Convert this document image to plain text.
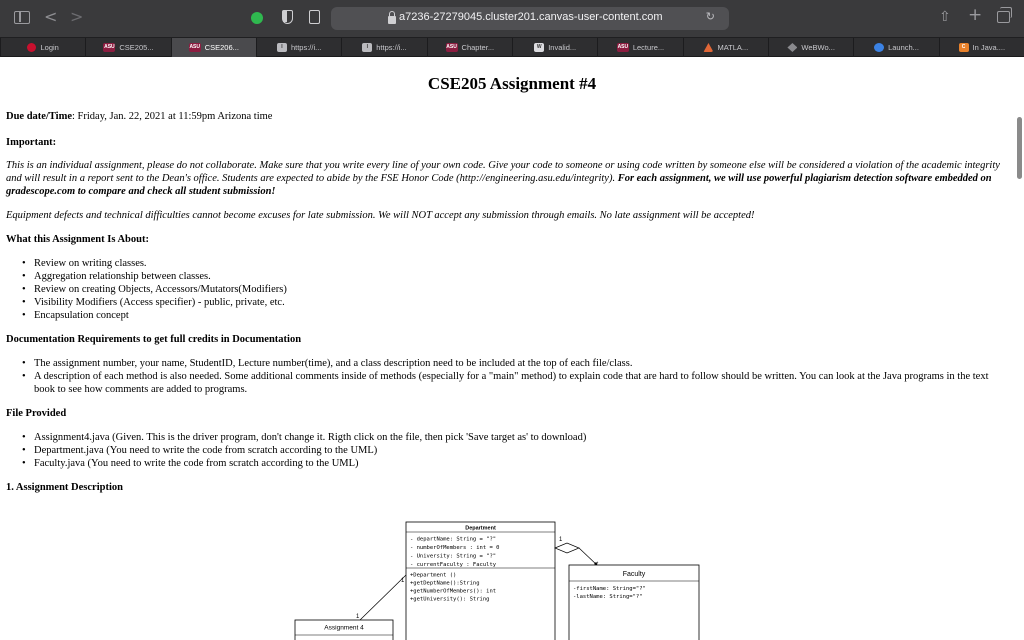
< >	a7236-27279045.cluster201.canvas-user-content.com	↻	⇧ +
Login	ASU CSE205...	ASU CSE206...	I	https://i...	I	https://i...	ASU Chapter...	W Invalid...	ASU Lecture...	MATLA...	WeBWo...	Launch...	C In Java....
CSE205 Assignment #4
Due date/Time: Friday, Jan. 22, 2021 at 11:59pm Arizona time
Important:
This is an individual assignment, please do not collaborate. Make sure that you write every line of your own code. Give your code to someone or using code written by someone else will be considered a violation of the academic integrity and will result in a report sent to the Dean's office. Students are expected to abide by the FSE Honor Code (http://engineering.asu.edu/integrity). For each assignment, we will use powerful plagiarism detection software embedded on gradescope.com to compare and check all student submission!
Equipment defects and technical difficulties cannot become excuses for late submission. We will NOT accept any submission through emails. No late assignment will be accepted!
What this Assignment Is About:
• Review on writing classes.
• Aggregation relationship between classes.
• Review on creating Objects, Accessors/Mutators(Modifiers)
• Visibility Modifiers (Access specifier) - public, private, etc.
• Encapsulation concept
Documentation Requirements to get full credits in Documentation
• The assignment number, your name, StudentID, Lecture number(time), and a class description need to be included at the top of each file/class.
• A description of each method is also needed. Some additional comments inside of methods (especially for a "main" method) to explain code that are hard to follow should be written. You can look at the Java programs in the text book to see how comments are added to programs.
File Provided
• Assignment4.java (Given. This is the driver program, don't change it. Rigth click on the file, then pick 'Save target as' to download)
• Department.java (You need to write the code from scratch according to the UML)
• Faculty.java (You need to write the code from scratch according to the UML)
1. Assignment Description
Department
- departName: String = "?"
- numberOfMembers : int = 0
- University: String = "?"
- currentFaculty : Faculty
+Department ()
+getDeptName():String
+getNumberOfMembers(): int
+getUniversity(): String
1
1
1
Faculty
-firstName: String="?"
-lastName: String="?"
Assignment 4
